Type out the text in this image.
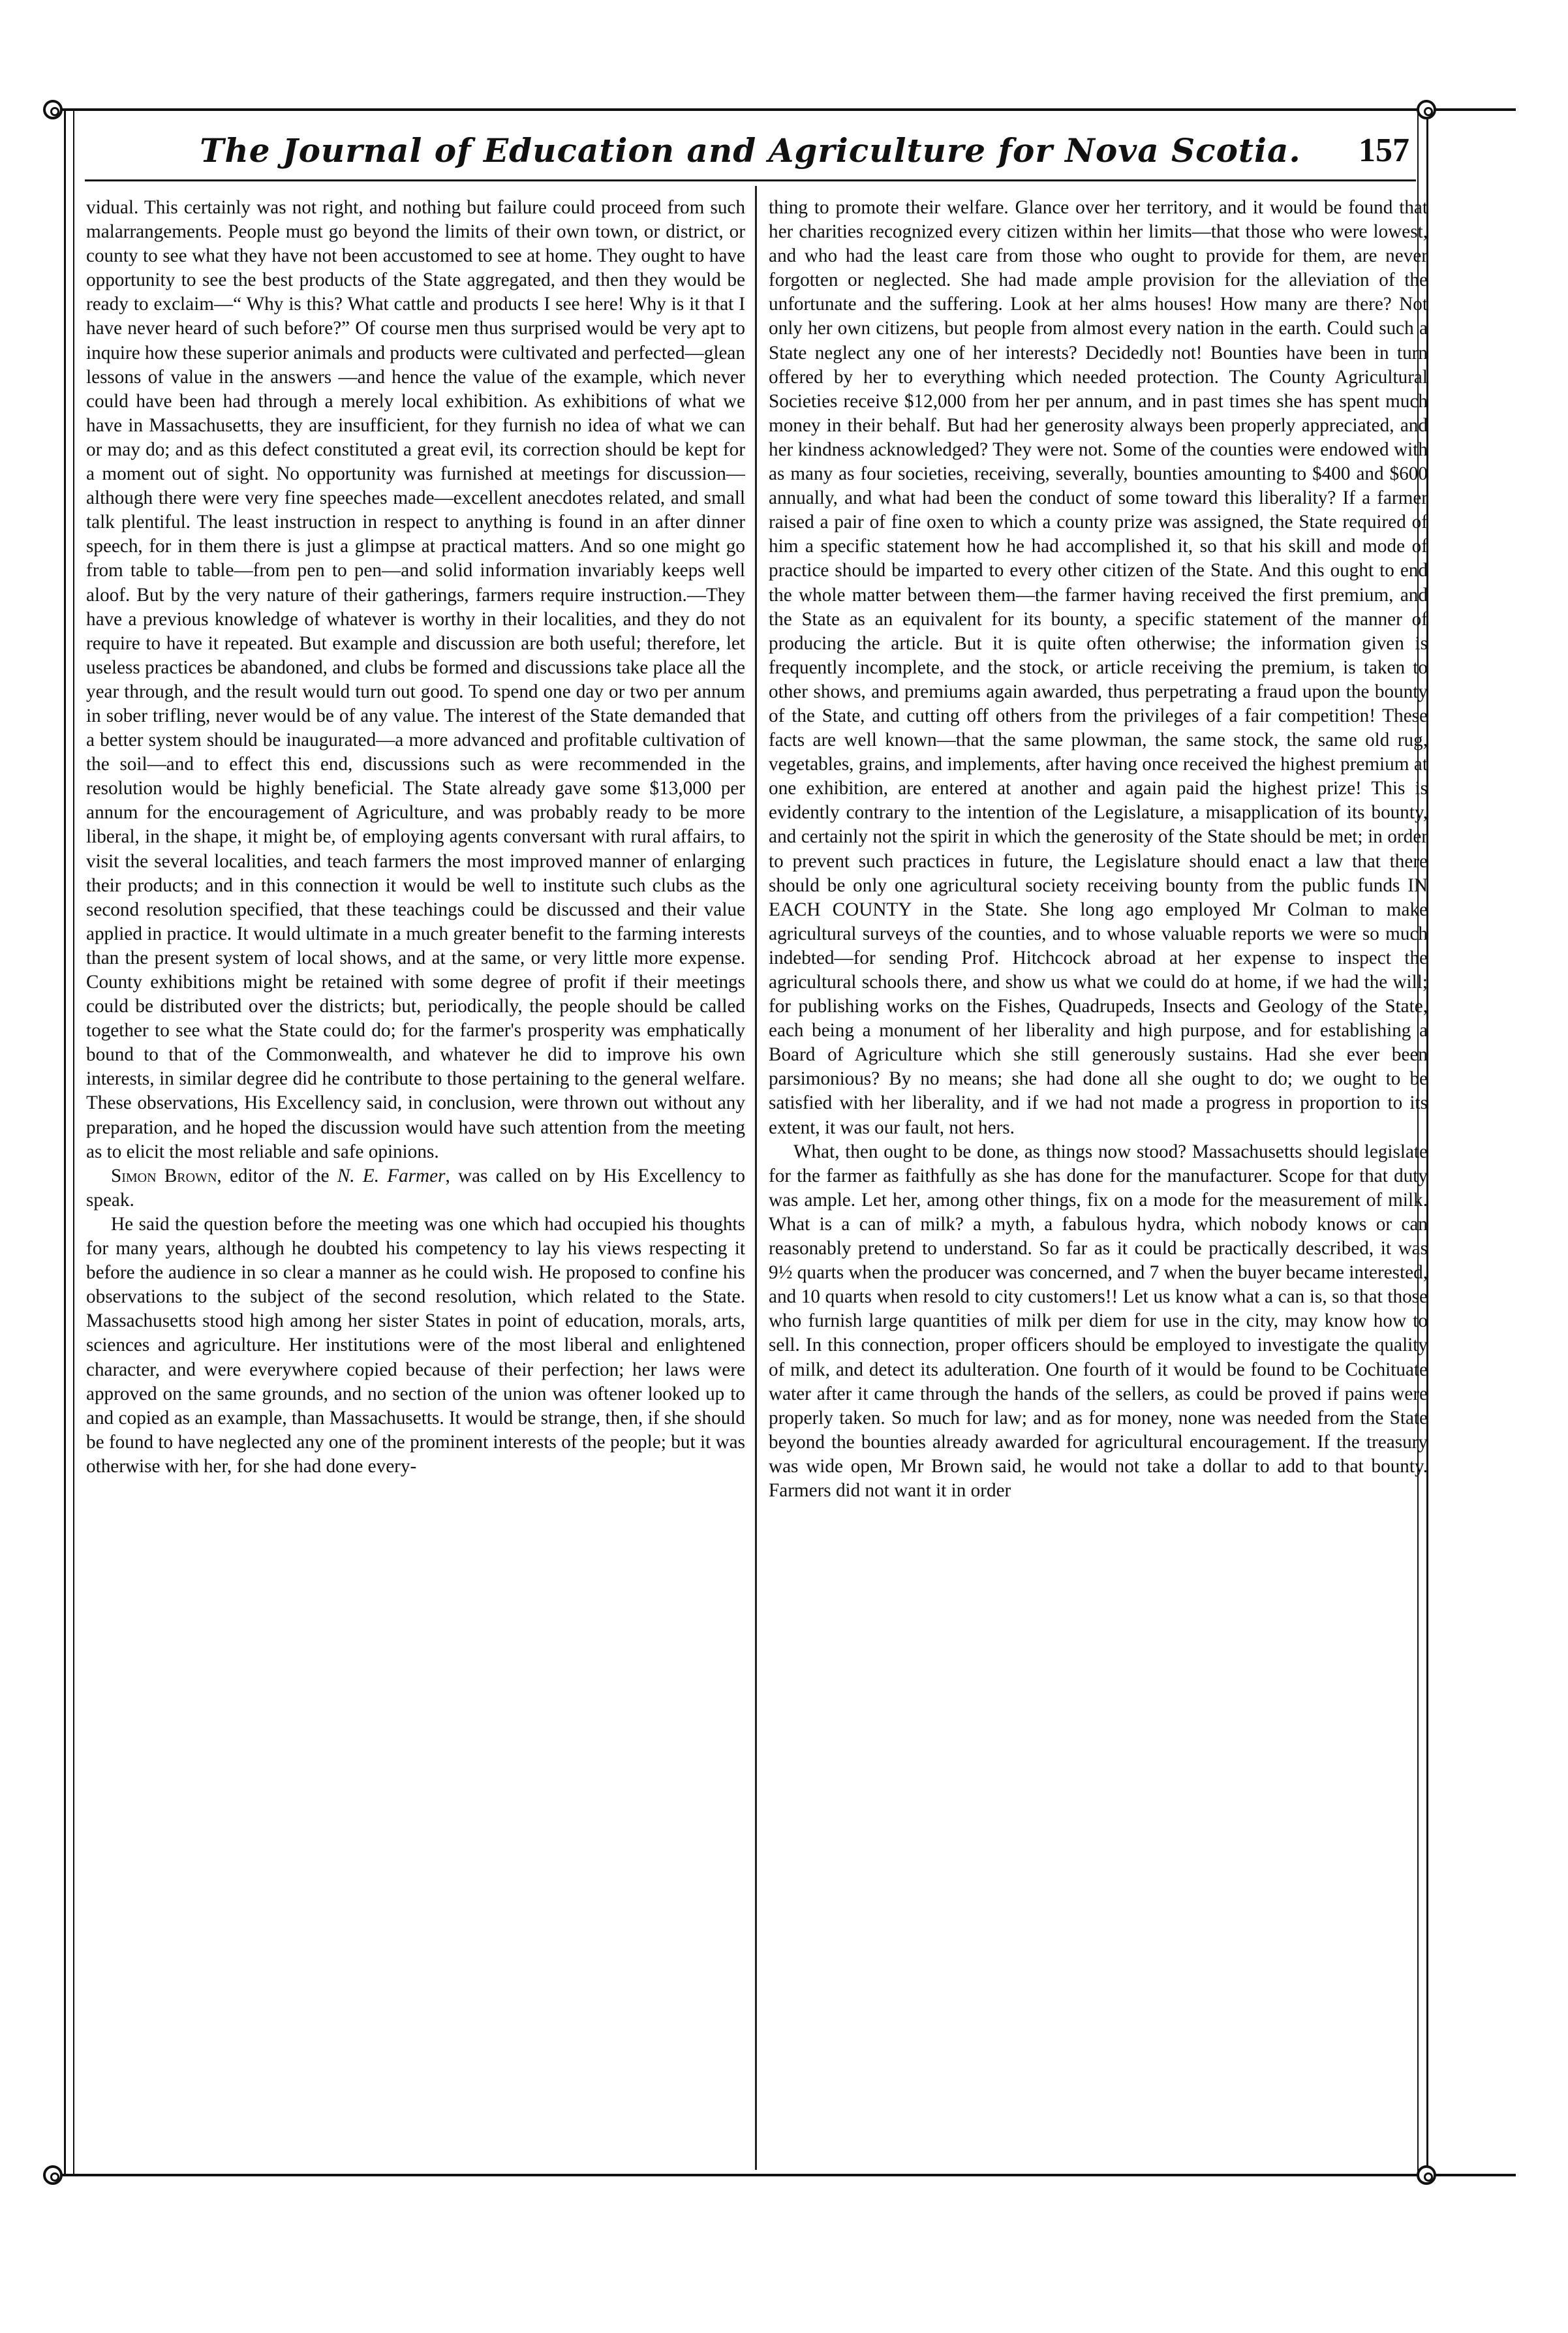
The Journal of Education and Agriculture for Nova Scotia.	157

vidual. This certainly was not right, and nothing but failure could proceed from such malarrangements. People must go beyond the limits of their own town, or district, or county to see what they have not been accustomed to see at home. They ought to have opportunity to see the best products of the State aggregated, and then they would be ready to exclaim—“ Why is this? What cattle and products I see here! Why is it that I have never heard of such before?” Of course men thus surprised would be very apt to inquire how these superior animals and products were cultivated and perfected—glean lessons of value in the answers —and hence the value of the example, which never could have been had through a merely local exhibition. As exhibitions of what we have in Massachusetts, they are insufficient, for they furnish no idea of what we can or may do; and as this defect constituted a great evil, its correction should be kept for a moment out of sight. No opportunity was furnished at meetings for discussion—although there were very fine speeches made—excellent anecdotes related, and small talk plentiful. The least instruction in respect to anything is found in an after dinner speech, for in them there is just a glimpse at practical matters. And so one might go from table to table—from pen to pen—and solid information invariably keeps well aloof. But by the very nature of their gatherings, farmers require instruction.—They have a previous knowledge of whatever is worthy in their localities, and they do not require to have it repeated. But example and discussion are both useful; therefore, let useless practices be abandoned, and clubs be formed and discussions take place all the year through, and the result would turn out good. To spend one day or two per annum in sober trifling, never would be of any value. The interest of the State demanded that a better system should be inaugurated—a more advanced and profitable cultivation of the soil—and to effect this end, discussions such as were recommended in the resolution would be highly beneficial. The State already gave some $13,000 per annum for the encouragement of Agriculture, and was probably ready to be more liberal, in the shape, it might be, of employing agents conversant with rural affairs, to visit the several localities, and teach farmers the most improved manner of enlarging their products; and in this connection it would be well to institute such clubs as the second resolution specified, that these teachings could be discussed and their value applied in practice. It would ultimate in a much greater benefit to the farming interests than the present system of local shows, and at the same, or very little more expense. County exhibitions might be retained with some degree of profit if their meetings could be distributed over the districts; but, periodically, the people should be called together to see what the State could do; for the farmer's prosperity was emphatically bound to that of the Commonwealth, and whatever he did to improve his own interests, in similar degree did he contribute to those pertaining to the general welfare. These observations, His Excellency said, in conclusion, were thrown out without any preparation, and he hoped the discussion would have such attention from the meeting as to elicit the most reliable and safe opinions.

Simon Brown, editor of the N. E. Farmer, was called on by His Excellency to speak.

He said the question before the meeting was one which had occupied his thoughts for many years, although he doubted his competency to lay his views respecting it before the audience in so clear a manner as he could wish. He proposed to confine his observations to the subject of the second resolution, which related to the State. Massachusetts stood high among her sister States in point of education, morals, arts, sciences and agriculture. Her institutions were of the most liberal and enlightened character, and were everywhere copied because of their perfection; her laws were approved on the same grounds, and no section of the union was oftener looked up to and copied as an example, than Massachusetts. It would be strange, then, if she should be found to have neglected any one of the prominent interests of the people; but it was otherwise with her, for she had done every-

thing to promote their welfare. Glance over her territory, and it would be found that her charities recognized every citizen within her limits—that those who were lowest, and who had the least care from those who ought to provide for them, are never forgotten or neglected. She had made ample provision for the alleviation of the unfortunate and the suffering. Look at her alms houses! How many are there? Not only her own citizens, but people from almost every nation in the earth. Could such a State neglect any one of her interests? Decidedly not! Bounties have been in turn offered by her to everything which needed protection. The County Agricultural Societies receive $12,000 from her per annum, and in past times she has spent much money in their behalf. But had her generosity always been properly appreciated, and her kindness acknowledged? They were not. Some of the counties were endowed with as many as four societies, receiving, severally, bounties amounting to $400 and $600 annually, and what had been the conduct of some toward this liberality? If a farmer raised a pair of fine oxen to which a county prize was assigned, the State required of him a specific statement how he had accomplished it, so that his skill and mode of practice should be imparted to every other citizen of the State. And this ought to end the whole matter between them—the farmer having received the first premium, and the State as an equivalent for its bounty, a specific statement of the manner of producing the article. But it is quite often otherwise; the information given is frequently incomplete, and the stock, or article receiving the premium, is taken to other shows, and premiums again awarded, thus perpetrating a fraud upon the bounty of the State, and cutting off others from the privileges of a fair competition! These facts are well known—that the same plowman, the same stock, the same old rug, vegetables, grains, and implements, after having once received the highest premium at one exhibition, are entered at another and again paid the highest prize! This is evidently contrary to the intention of the Legislature, a misapplication of its bounty, and certainly not the spirit in which the generosity of the State should be met; in order to prevent such practices in future, the Legislature should enact a law that there should be only one agricultural society receiving bounty from the public funds IN EACH COUNTY in the State. She long ago employed Mr Colman to make agricultural surveys of the counties, and to whose valuable reports we were so much indebted—for sending Prof. Hitchcock abroad at her expense to inspect the agricultural schools there, and show us what we could do at home, if we had the will; for publishing works on the Fishes, Quadrupeds, Insects and Geology of the State, each being a monument of her liberality and high purpose, and for establishing a Board of Agriculture which she still generously sustains. Had she ever been parsimonious? By no means; she had done all she ought to do; we ought to be satisfied with her liberality, and if we had not made a progress in proportion to its extent, it was our fault, not hers.

What, then ought to be done, as things now stood? Massachusetts should legislate for the farmer as faithfully as she has done for the manufacturer. Scope for that duty was ample. Let her, among other things, fix on a mode for the measurement of milk. What is a can of milk? a myth, a fabulous hydra, which nobody knows or can reasonably pretend to understand. So far as it could be practically described, it was 9½ quarts when the producer was concerned, and 7 when the buyer became interested, and 10 quarts when resold to city customers!! Let us know what a can is, so that those who furnish large quantities of milk per diem for use in the city, may know how to sell. In this connection, proper officers should be employed to investigate the quality of milk, and detect its adulteration. One fourth of it would be found to be Cochituate water after it came through the hands of the sellers, as could be proved if pains were properly taken. So much for law; and as for money, none was needed from the State beyond the bounties already awarded for agricultural encouragement. If the treasury was wide open, Mr Brown said, he would not take a dollar to add to that bounty. Farmers did not want it in order
